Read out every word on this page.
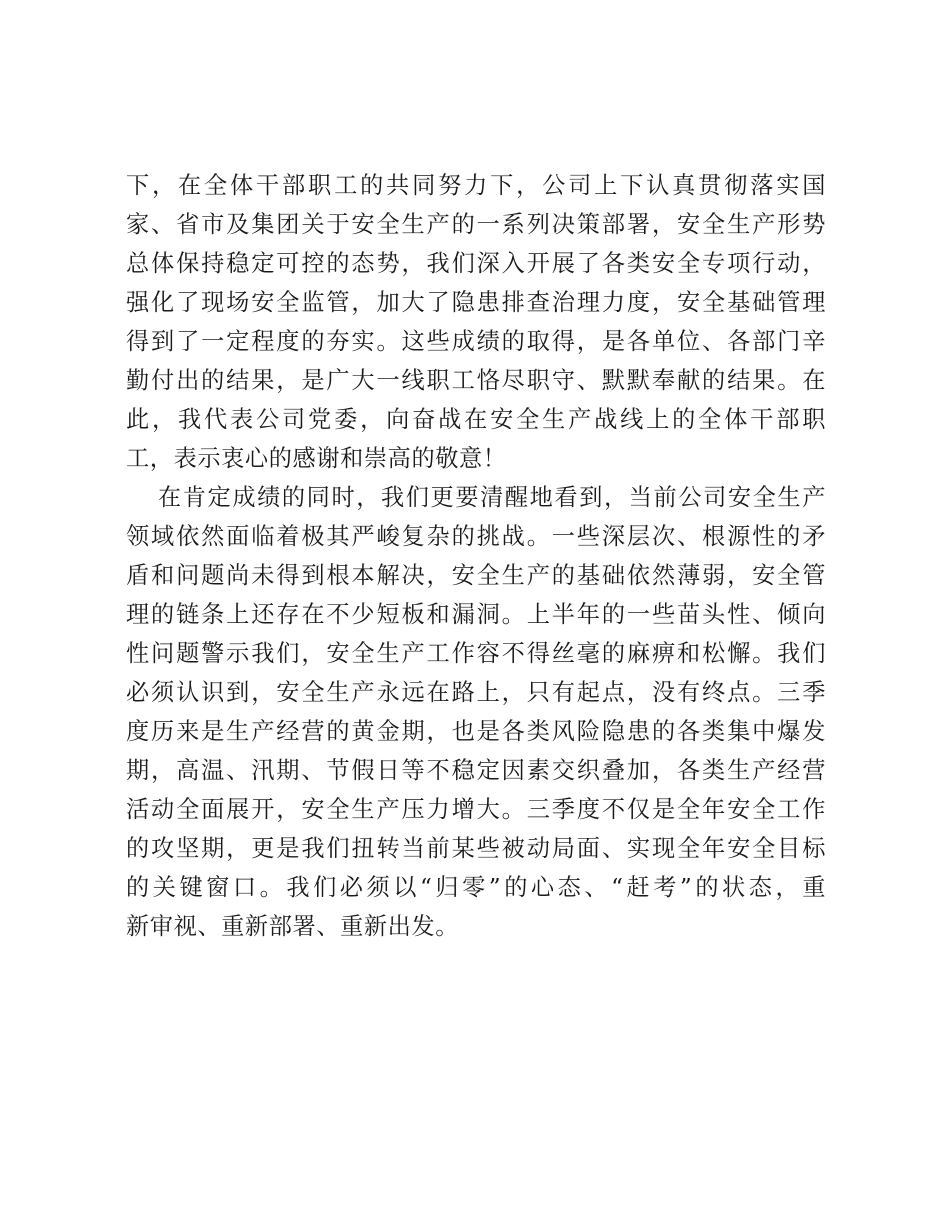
下，在全体干部职工的共同努力下，公司上下认真贯彻落实国

家、省市及集团关于安全生产的一系列决策部署，安全生产形势

总体保持稳定可控的态势，我们深入开展了各类安全专项行动，

强化了现场安全监管，加大了隐患排查治理力度，安全基础管理

得到了一定程度的夯实。这些成绩的取得，是各单位、各部门辛

勤付出的结果，是广大一线职工恪尽职守、默默奉献的结果。在

此，我代表公司党委，向奋战在安全生产战线上的全体干部职

工，表示衷心的感谢和崇高的敬意！

在肯定成绩的同时，我们更要清醒地看到，当前公司安全生产

领域依然面临着极其严峻复杂的挑战。一些深层次、根源性的矛

盾和问题尚未得到根本解决，安全生产的基础依然薄弱，安全管

理的链条上还存在不少短板和漏洞。上半年的一些苗头性、倾向

性问题警示我们，安全生产工作容不得丝毫的麻痹和松懈。我们

必须认识到，安全生产永远在路上，只有起点，没有终点。三季

度历来是生产经营的黄金期，也是各类风险隐患的各类集中爆发

期，高温、汛期、节假日等不稳定因素交织叠加，各类生产经营

活动全面展开，安全生产压力增大。三季度不仅是全年安全工作

的攻坚期，更是我们扭转当前某些被动局面、实现全年安全目标

的关键窗口。我们必须以“归零”的心态、“赶考”的状态，重

新审视、重新部署、重新出发。
